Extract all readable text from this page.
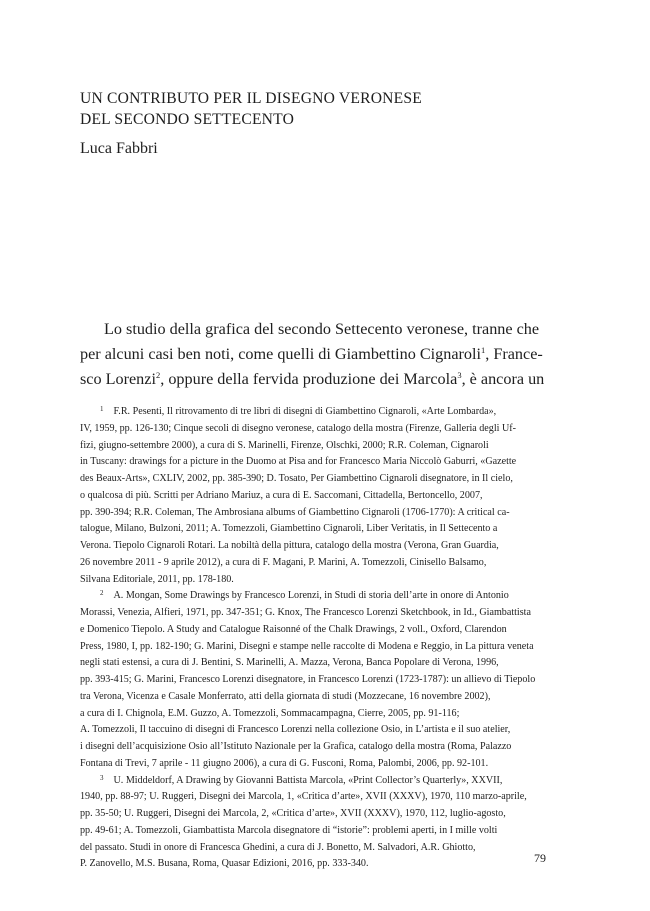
UN CONTRIBUTO PER IL DISEGNO VERONESE
DEL SECONDO SETTECENTO
Luca Fabbri
Lo studio della grafica del secondo Settecento veronese, tranne che
per alcuni casi ben noti, come quelli di Giambettino Cignaroli$^1$, France-
sco Lorenzi$^2$, oppure della fervida produzione dei Marcola$^3$, è ancora un
$^1$ F.R. Pesenti, Il ritrovamento di tre libri di disegni di Giambettino Cignaroli, «Arte Lombarda»,
IV, 1959, pp. 126-130; Cinque secoli di disegno veronese, catalogo della mostra (Firenze, Galleria degli Uf-
fizi, giugno-settembre 2000), a cura di S. Marinelli, Firenze, Olschki, 2000; R.R. Coleman, Cignaroli
in Tuscany: drawings for a picture in the Duomo at Pisa and for Francesco Maria Niccolò Gaburri, «Gazette
des Beaux-Arts», CXLIV, 2002, pp. 385-390; D. Tosato, Per Giambettino Cignaroli disegnatore, in Il cielo,
o qualcosa di più. Scritti per Adriano Mariuz, a cura di E. Saccomani, Cittadella, Bertoncello, 2007,
pp. 390-394; R.R. Coleman, The Ambrosiana albums of Giambettino Cignaroli (1706-1770): A critical ca-
talogue, Milano, Bulzoni, 2011; A. Tomezzoli, Giambettino Cignaroli, Liber Veritatis, in Il Settecento a
Verona. Tiepolo Cignaroli Rotari. La nobiltà della pittura, catalogo della mostra (Verona, Gran Guardia,
26 novembre 2011 - 9 aprile 2012), a cura di F. Magani, P. Marini, A. Tomezzoli, Cinisello Balsamo,
Silvana Editoriale, 2011, pp. 178-180.
$^2$ A. Mongan, Some Drawings by Francesco Lorenzi, in Studi di storia dell’arte in onore di Antonio
Morassi, Venezia, Alfieri, 1971, pp. 347-351; G. Knox, The Francesco Lorenzi Sketchbook, in Id., Giambattista
e Domenico Tiepolo. A Study and Catalogue Raisonné of the Chalk Drawings, 2 voll., Oxford, Clarendon
Press, 1980, I, pp. 182-190; G. Marini, Disegni e stampe nelle raccolte di Modena e Reggio, in La pittura veneta
negli stati estensi, a cura di J. Bentini, S. Marinelli, A. Mazza, Verona, Banca Popolare di Verona, 1996,
pp. 393-415; G. Marini, Francesco Lorenzi disegnatore, in Francesco Lorenzi (1723-1787): un allievo di Tiepolo
tra Verona, Vicenza e Casale Monferrato, atti della giornata di studi (Mozzecane, 16 novembre 2002),
a cura di I. Chignola, E.M. Guzzo, A. Tomezzoli, Sommacampagna, Cierre, 2005, pp. 91-116;
A. Tomezzoli, Il taccuino di disegni di Francesco Lorenzi nella collezione Osio, in L’artista e il suo atelier,
i disegni dell’acquisizione Osio all’Istituto Nazionale per la Grafica, catalogo della mostra (Roma, Palazzo
Fontana di Trevi, 7 aprile - 11 giugno 2006), a cura di G. Fusconi, Roma, Palombi, 2006, pp. 92-101.
$^3$ U. Middeldorf, A Drawing by Giovanni Battista Marcola, «Print Collector’s Quarterly», XXVII,
1940, pp. 88-97; U. Ruggeri, Disegni dei Marcola, 1, «Critica d’arte», XVII (XXXV), 1970, 110 marzo-aprile,
pp. 35-50; U. Ruggeri, Disegni dei Marcola, 2, «Critica d’arte», XVII (XXXV), 1970, 112, luglio-agosto,
pp. 49-61; A. Tomezzoli, Giambattista Marcola disegnatore di “istorie”: problemi aperti, in I mille volti
del passato. Studi in onore di Francesca Ghedini, a cura di J. Bonetto, M. Salvadori, A.R. Ghiotto,
P. Zanovello, M.S. Busana, Roma, Quasar Edizioni, 2016, pp. 333-340.	79
